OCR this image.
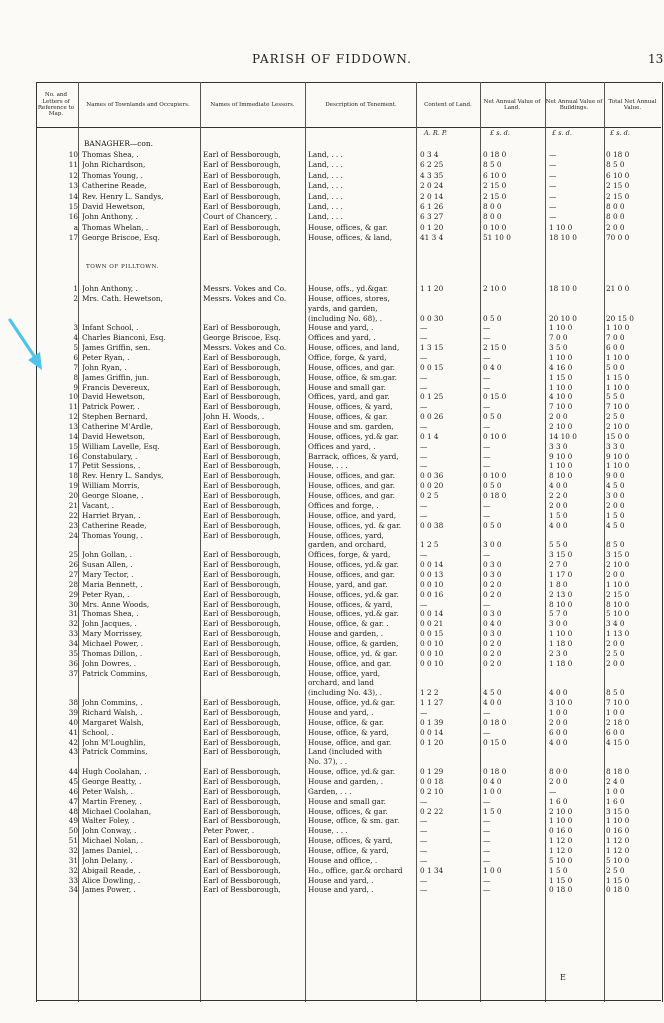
PARISH OF FIDDOWN.	13
No. and Letters of Reference to Map.
Names of Townlands and Occupiers.	Names of Immediate Lessors.	Description of Tenement.	Content of Land.
Net Annual Value of Land.
Net Annual Value of Buildings.
Total Net Annual Value.
A. R. P.	£ s. d.	£ s. d.	£ s. d.
BANAGHER—con.
TOWN OF PILLTOWN.
10 Thomas Shea, .	Earl of Bessborough,	Land, . . .	0 3 4	0 18 0	—	0 18 0
11 John Richardson,	Earl of Bessborough,	Land, . . .	6 2 25	8 5 0	—	8 5 0
12 Thomas Young, .	Earl of Bessborough,	Land, . . .	4 3 35	6 10 0	—	6 10 0
13 Catherine Reade,	Earl of Bessborough,	Land, . . .	2 0 24	2 15 0	—	2 15 0
14 Rev. Henry L. Sandys,	Earl of Bessborough,	Land, . . .	2 0 14	2 15 0	—	2 15 0
15 David Hewetson,	Earl of Bessborough,	Land, . . .	6 1 26	8 0 0	—	8 0 0
16 John Anthony, .	Court of Chancery, .	Land, . . .	6 3 27	8 0 0	—	8 0 0
a Thomas Whelan, .	Earl of Bessborough,	House, offices, & gar.	0 1 20	0 10 0	1 10 0	2 0 0
17 George Briscoe, Esq.	Earl of Bessborough,	House, offices, & land,	41 3 4	51 10 0	18 10 0	70 0 0
1 John Anthony, .	Messrs. Vokes and Co.	House, offs., yd.&gar.	1 1 20	2 10 0	18 10 0	21 0 0
2 Mrs. Cath. Hewetson,	Messrs. Vokes and Co.	House, offices, stores,
yards, and garden,
(including No. 68), .	0 0 30	0 5 0	20 10 0	20 15 0
3 Infant School, .	Earl of Bessborough,	House and yard, .	—	—	1 10 0	1 10 0
4 Charles Bianconi, Esq.	George Briscoe, Esq.	Offices and yard, .	—	—	7 0 0	7 0 0
5 James Griffin, sen.	Messrs. Vokes and Co.	House, offices, and land,	1 3 15	2 15 0	3 5 0	6 0 0
6 Peter Ryan, .	Earl of Bessborough,	Office, forge, & yard,	—	—	1 10 0	1 10 0
7 John Ryan, .	Earl of Bessborough,	House, offices, and gar.	0 0 15	0 4 0	4 16 0	5 0 0
8 James Griffin, jun.	Earl of Bessborough,	House, office, & sm.gar.	—	—	1 15 0	1 15 0
9 Francis Devereux,	Earl of Bessborough,	House and small gar.	—	—	1 10 0	1 10 0
10 David Hewetson,	Earl of Bessborough,	Offices, yard, and gar.	0 1 25	0 15 0	4 10 0	5 5 0
11 Patrick Power, .	Earl of Bessborough,	House, offices, & yard,	—	—	7 10 0	7 10 0
12 Stephen Bernard,	John H. Woods, .	House, offices, & gar.	0 0 26	0 5 0	2 0 0	2 5 0
13 Catherine M'Ardle,	Earl of Bessborough,	House and sm. garden,	—	—	2 10 0	2 10 0
14 David Hewetson,	Earl of Bessborough,	House, offices, yd.& gar.	0 1 4	0 10 0	14 10 0	15 0 0
15 William Lavelle, Esq.	Earl of Bessborough,	Offices and yard, .	—	—	3 3 0	3 3 0
16 Constabulary, .	Earl of Bessborough,	Barrack, offices, & yard,	—	—	9 10 0	9 10 0
17 Petit Sessions, .	Earl of Bessborough,	House, . . .	—	—	1 10 0	1 10 0
18 Rev. Henry L. Sandys,	Earl of Bessborough,	House, offices, and gar.	0 0 36	0 10 0	8 10 0	9 0 0
19 William Morris,	Earl of Bessborough,	House, offices, and gar.	0 0 20	0 5 0	4 0 0	4 5 0
20 George Sloane, .	Earl of Bessborough,	House, offices, and gar.	0 2 5	0 18 0	2 2 0	3 0 0
21 Vacant, .	Earl of Bessborough,	Offices and forge, .	—	—	2 0 0	2 0 0
22 Harriet Bryan, .	Earl of Bessborough,	House, office, and yard,	—	—	1 5 0	1 5 0
23 Catherine Reade,	Earl of Bessborough,	House, offices, yd. & gar.	0 0 38	0 5 0	4 0 0	4 5 0
24 Thomas Young, .	Earl of Bessborough,	House, offices, yard,
garden, and orchard,	1 2 5	3 0 0	5 5 0	8 5 0
25 John Gollan, .	Earl of Bessborough,	Offices, forge, & yard,	—	—	3 15 0	3 15 0
26 Susan Allen, .	Earl of Bessborough,	House, offices, yd.& gar.	0 0 14	0 3 0	2 7 0	2 10 0
27 Mary Tector, .	Earl of Bessborough,	House, offices, and gar.	0 0 13	0 3 0	1 17 0	2 0 0
28 Maria Bennett, .	Earl of Bessborough,	House, yard, and gar.	0 0 10	0 2 0	1 8 0	1 10 0
29 Peter Ryan, .	Earl of Bessborough,	House, offices, yd.& gar.	0 0 16	0 2 0	2 13 0	2 15 0
30 Mrs. Anne Woods,	Earl of Bessborough,	House, offices, & yard,	—	—	8 10 0	8 10 0
31 Thomas Shea, .	Earl of Bessborough,	House, offices, yd.& gar.	0 0 14	0 3 0	5 7 0	5 10 0
32 John Jacques, .	Earl of Bessborough,	House, office, & gar. .	0 0 21	0 4 0	3 0 0	3 4 0
33 Mary Morrissey,	Earl of Bessborough,	House and garden, .	0 0 15	0 3 0	1 10 0	1 13 0
34 Michael Power, .	Earl of Bessborough,	House, office, & garden,	0 0 10	0 2 0	1 18 0	2 0 0
35 Thomas Dillon, .	Earl of Bessborough,	House, office, yd. & gar.	0 0 10	0 2 0	2 3 0	2 5 0
36 John Dowres, .	Earl of Bessborough,	House, office, and gar.	0 0 10	0 2 0	1 18 0	2 0 0
37 Patrick Commins,	Earl of Bessborough,	House, office, yard,
orchard, and land
(including No. 43), .	1 2 2	4 5 0	4 0 0	8 5 0
38 John Commins, .	Earl of Bessborough,	House, office, yd.& gar.	1 1 27	4 0 0	3 10 0	7 10 0
39 Richard Walsh, .	Earl of Bessborough,	House and yard, .	—	—	1 0 0	1 0 0
40 Margaret Walsh,	Earl of Bessborough,	House, office, & gar.	0 1 39	0 18 0	2 0 0	2 18 0
41 School, .	Earl of Bessborough,	House, office, & yard,	0 0 14	—	6 0 0	6 0 0
42 John M'Loughlin,	Earl of Bessborough,	House, office, and gar.	0 1 20	0 15 0	4 0 0	4 15 0
43 Patrick Commins,	Earl of Bessborough,	Land (included with
No. 37), . .
44 Hugh Coolahan, .	Earl of Bessborough,	House, office, yd.& gar.	0 1 29	0 18 0	8 0 0	8 18 0
45 George Beatty, .	Earl of Bessborough,	House and garden, .	0 0 18	0 4 0	2 0 0	2 4 0
46 Peter Walsh, .	Earl of Bessborough,	Garden, . . .	0 2 10	1 0 0	—	1 0 0
47 Martin Freney, .	Earl of Bessborough,	House and small gar.	—	—	1 6 0	1 6 0
48 Michael Coolahan,	Earl of Bessborough,	House, offices, & gar.	0 2 22	1 5 0	2 10 0	3 15 0
49 Walter Foley, .	Earl of Bessborough,	House, office, & sm. gar.	—	—	1 10 0	1 10 0
50 John Conway, .	Peter Power, .	House, . . .	—	—	0 16 0	0 16 0
51 Michael Nolan, .	Earl of Bessborough,	House, offices, & yard,	—	—	1 12 0	1 12 0
32 James Daniel, .	Earl of Bessborough,	House, office, & yard,	—	—	1 12 0	1 12 0
31 John Delany, .	Earl of Bessborough,	House and office, .	—	—	5 10 0	5 10 0
32 Abigail Reade, .	Earl of Bessborough,	Ho., office, gar.& orchard	0 1 34	1 0 0	1 5 0	2 5 0
33 Alice Dowling, .	Earl of Bessborough,	House and yard, .	—	—	1 15 0	1 15 0
34 James Power, .	Earl of Bessborough,	House and yard, .	—	—	0 18 0	0 18 0
E
